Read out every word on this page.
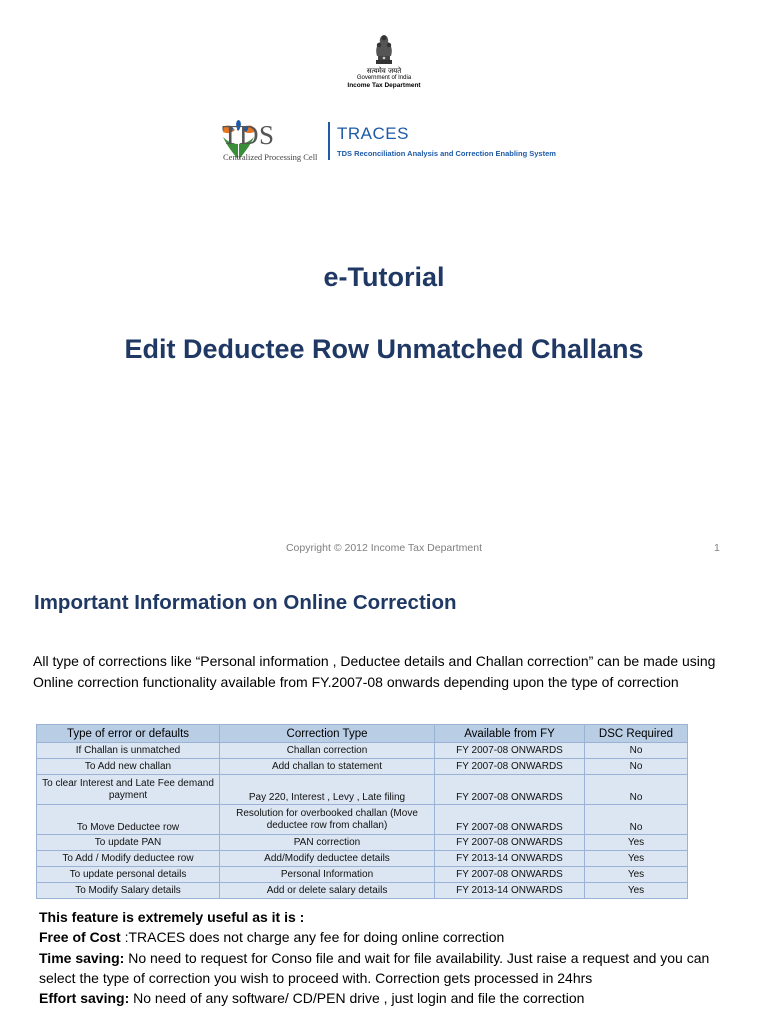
सत्यमेव जयते
Government of India
Income Tax Department
TDS
Centralized Processing Cell
TRACES
TDS Reconciliation Analysis and Correction Enabling System
e-Tutorial
Edit Deductee Row Unmatched Challans
Copyright © 2012 Income Tax Department	1
Important Information on Online Correction
All type of corrections like “Personal information , Deductee details and Challan correction” can be made using Online correction functionality available from FY.2007-08 onwards depending upon the type of correction
Type of error or defaults	Correction Type	Available from FY	DSC Required
If Challan is unmatched	Challan correction	FY 2007-08 ONWARDS	No
To Add new challan	Add challan to statement	FY 2007-08 ONWARDS	No
To clear Interest and Late Fee demand payment	Pay 220, Interest , Levy , Late filing	FY 2007-08 ONWARDS	No
To Move Deductee row	Resolution for overbooked challan (Move deductee row from challan)	FY 2007-08 ONWARDS	No
To update PAN	PAN correction	FY 2007-08 ONWARDS	Yes
To Add / Modify deductee row	Add/Modify deductee details	FY 2013-14 ONWARDS	Yes
To update personal details	Personal Information	FY 2007-08 ONWARDS	Yes
To Modify Salary details	Add or delete salary details	FY 2013-14 ONWARDS	Yes
This feature is extremely useful as it is :
Free of Cost :TRACES does not charge any fee for doing online correction
Time saving: No need to request for Conso file and wait for file availability. Just raise a request and you can select the type of correction you wish to proceed with. Correction gets processed in 24hrs
Effort saving: No need of any software/ CD/PEN drive , just login and file the correction
